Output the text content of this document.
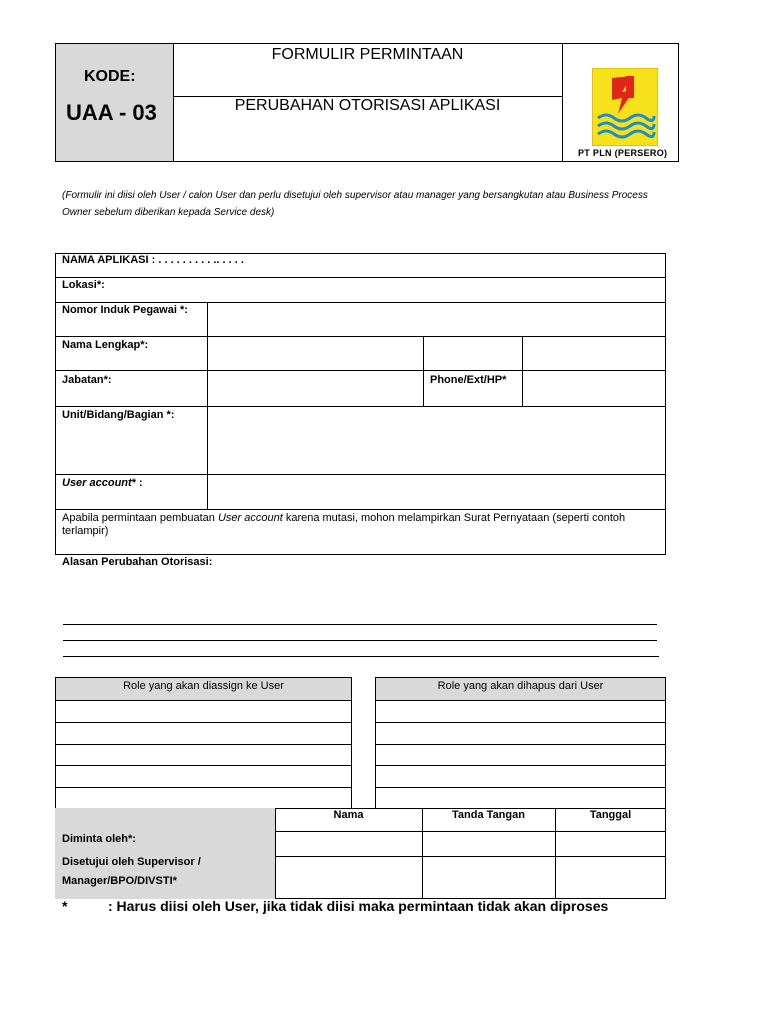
KODE:
UAA - 03
FORMULIR PERMINTAAN
PERUBAHAN OTORISASI APLIKASI
PT PLN (PERSERO)
(Formulir ini diisi oleh User / calon User dan perlu disetujui oleh supervisor atau manager yang bersangkutan atau Business Process
Owner sebelum diberikan kepada Service desk)
NAMA APLIKASI : . . . . . . . . . .. . . . .
Lokasi*:
Nomor Induk Pegawai *:
Nama Lengkap*:
Jabatan*:	Phone/Ext/HP*
Unit/Bidang/Bagian *:
User account* :
Apabila permintaan pembuatan User account karena mutasi, mohon melampirkan Surat Pernyataan (seperti contoh
terlampir)
Alasan Perubahan Otorisasi:
Role yang akan diassign ke User	Role yang akan dihapus dari User
Nama	Tanda Tangan	Tanggal
Diminta oleh*:
Disetujui oleh Supervisor /
Manager/BPO/DIVSTI*
*	: Harus diisi oleh User, jika tidak diisi maka permintaan tidak akan diproses
